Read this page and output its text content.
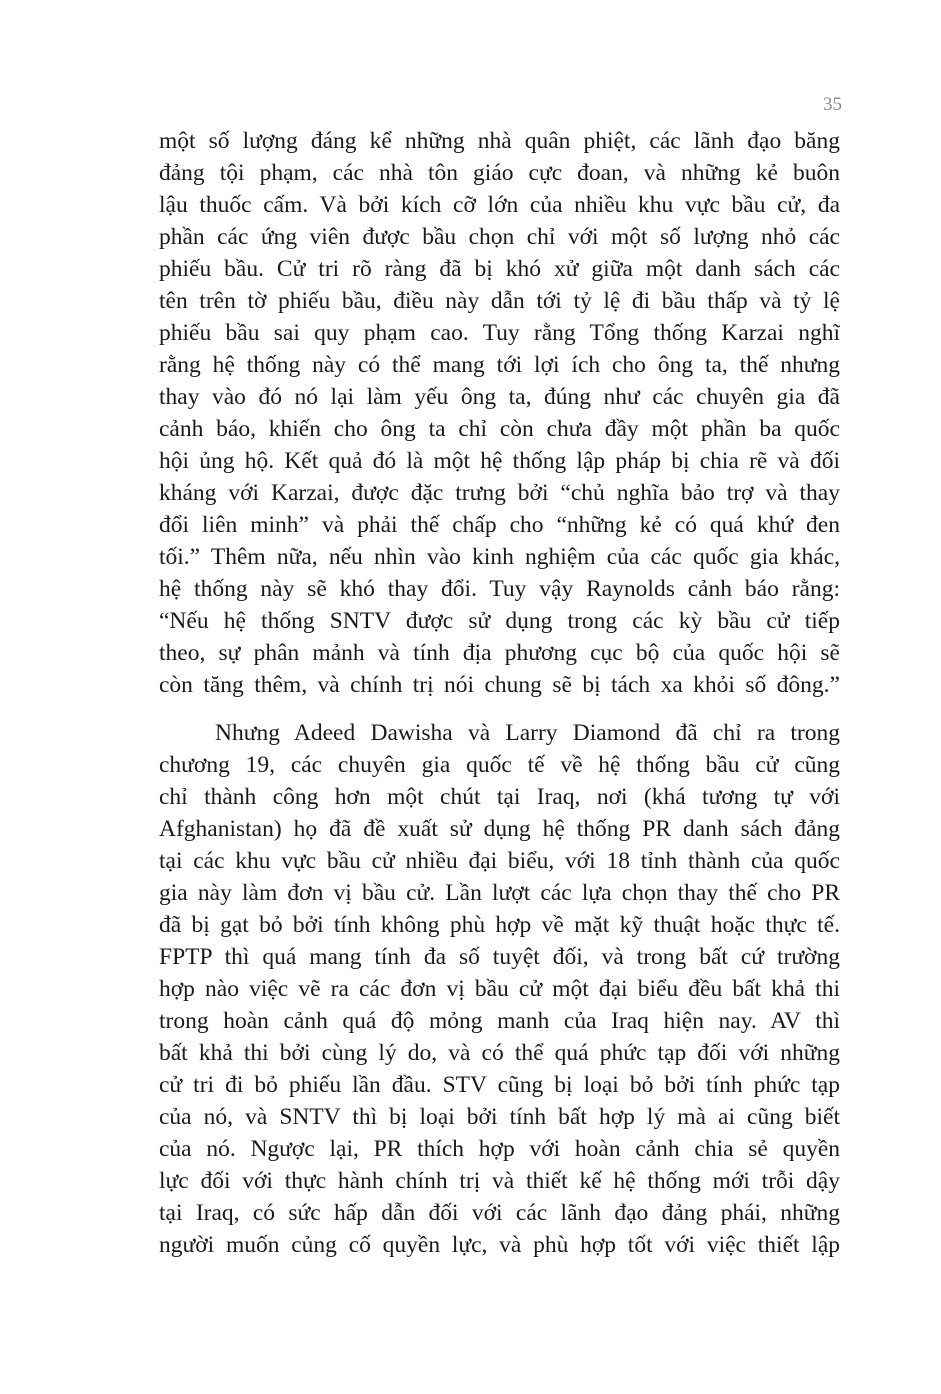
35
một số lượng đáng kể những nhà quân phiệt, các lãnh đạo băng
đảng tội phạm, các nhà tôn giáo cực đoan, và những kẻ buôn
lậu thuốc cấm. Và bởi kích cỡ lớn của nhiều khu vực bầu cử, đa
phần các ứng viên được bầu chọn chỉ với một số lượng nhỏ các
phiếu bầu. Cử tri rõ ràng đã bị khó xử giữa một danh sách các
tên trên tờ phiếu bầu, điều này dẫn tới tỷ lệ đi bầu thấp và tỷ lệ
phiếu bầu sai quy phạm cao. Tuy rằng Tổng thống Karzai nghĩ
rằng hệ thống này có thể mang tới lợi ích cho ông ta, thế nhưng
thay vào đó nó lại làm yếu ông ta, đúng như các chuyên gia đã
cảnh báo, khiến cho ông ta chỉ còn chưa đầy một phần ba quốc
hội ủng hộ. Kết quả đó là một hệ thống lập pháp bị chia rẽ và đối
kháng với Karzai, được đặc trưng bởi “chủ nghĩa bảo trợ và thay
đổi liên minh” và phải thế chấp cho “những kẻ có quá khứ đen
tối.” Thêm nữa, nếu nhìn vào kinh nghiệm của các quốc gia khác,
hệ thống này sẽ khó thay đổi. Tuy vậy Raynolds cảnh báo rằng:
“Nếu hệ thống SNTV được sử dụng trong các kỳ bầu cử tiếp
theo, sự phân mảnh và tính địa phương cục bộ của quốc hội sẽ
còn tăng thêm, và chính trị nói chung sẽ bị tách xa khỏi số đông.”
Nhưng Adeed Dawisha và Larry Diamond đã chỉ ra trong
chương 19, các chuyên gia quốc tế về hệ thống bầu cử cũng
chỉ thành công hơn một chút tại Iraq, nơi (khá tương tự với
Afghanistan) họ đã đề xuất sử dụng hệ thống PR danh sách đảng
tại các khu vực bầu cử nhiều đại biểu, với 18 tỉnh thành của quốc
gia này làm đơn vị bầu cử. Lần lượt các lựa chọn thay thế cho PR
đã bị gạt bỏ bởi tính không phù hợp về mặt kỹ thuật hoặc thực tế.
FPTP thì quá mang tính đa số tuyệt đối, và trong bất cứ trường
hợp nào việc vẽ ra các đơn vị bầu cử một đại biểu đều bất khả thi
trong hoàn cảnh quá độ mỏng manh của Iraq hiện nay. AV thì
bất khả thi bởi cùng lý do, và có thể quá phức tạp đối với những
cử tri đi bỏ phiếu lần đầu. STV cũng bị loại bỏ bởi tính phức tạp
của nó, và SNTV thì bị loại bởi tính bất hợp lý mà ai cũng biết
của nó. Ngược lại, PR thích hợp với hoàn cảnh chia sẻ quyền
lực đối với thực hành chính trị và thiết kế hệ thống mới trỗi dậy
tại Iraq, có sức hấp dẫn đối với các lãnh đạo đảng phái, những
người muốn củng cố quyền lực, và phù hợp tốt với việc thiết lập
